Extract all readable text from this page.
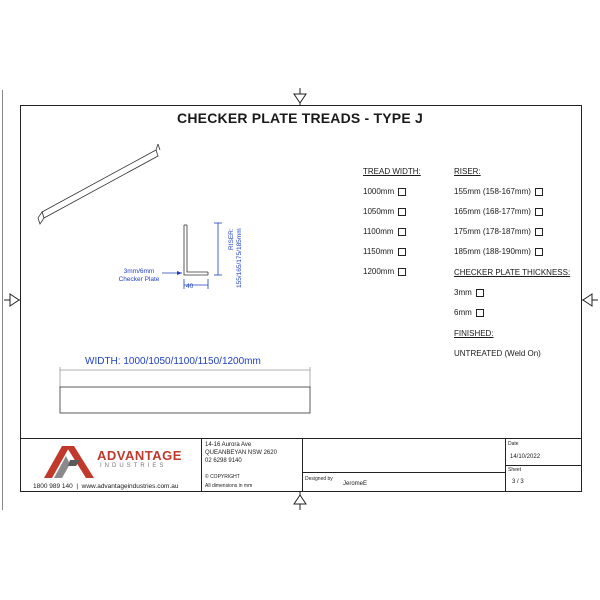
CHECKER PLATE TREADS - TYPE J
3mm/6mm
Checker Plate
40
RISER: 155/165/175/185mm
WIDTH: 1000/1050/1100/1150/1200mm
TREAD WIDTH:
1000mm
1050mm
1100mm
1150mm
1200mm
RISER:
155mm (158-167mm)
165mm (168-177mm)
175mm (178-187mm)
185mm (188-190mm)
CHECKER PLATE THICKNESS:
3mm
6mm
FINISHED:
UNTREATED (Weld On)
ADVANTAGE
INDUSTRIES
1800 989 140  |  www.advantageindustries.com.au
14-16 Aurora Ave
QUEANBEYAN NSW 2620
02 6298 9140
© COPYRIGHT
All dimensions in mm
Designed by
JeromeE
Date
14/10/2022
Sheet
3 / 3
